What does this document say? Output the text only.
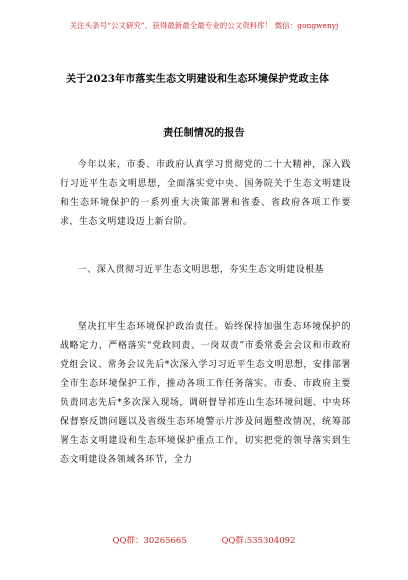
关注头条号“公文研究”，获得最新最全最专业的公文资料库！ 微信：gongwenyj
关于2023年市落实生态文明建设和生态环境保护党政主体
责任制情况的报告

今年以来，市委、市政府认真学习贯彻党的二十大精神，深入践行习近平生态文明思想，全面落实党中央、国务院关于生态文明建设和生态环境保护的一系列重大决策部署和省委、省政府各项工作要求，生态文明建设迈上新台阶。

一、深入贯彻习近平生态文明思想，夯实生态文明建设根基

坚决扛牢生态环境保护政治责任。始终保持加强生态环境保护的战略定力，严格落实“党政同责、一岗双责”市委常委会会议和市政府党组会议、常务会议先后*次深入学习习近平生态文明思想，安排部署全市生态环境保护工作，推动各项工作任务落实。市委、市政府主要负责同志先后*多次深入现场，调研督导祁连山生态环境问题、中央环保督察反馈问题以及省级生态环境警示片涉及问题整改情况，统筹部署生态文明建设和生态环境保护重点工作，切实把党的领导落实到生态文明建设各领域各环节，全力

QQ群：30265665	QQ群:535304092
